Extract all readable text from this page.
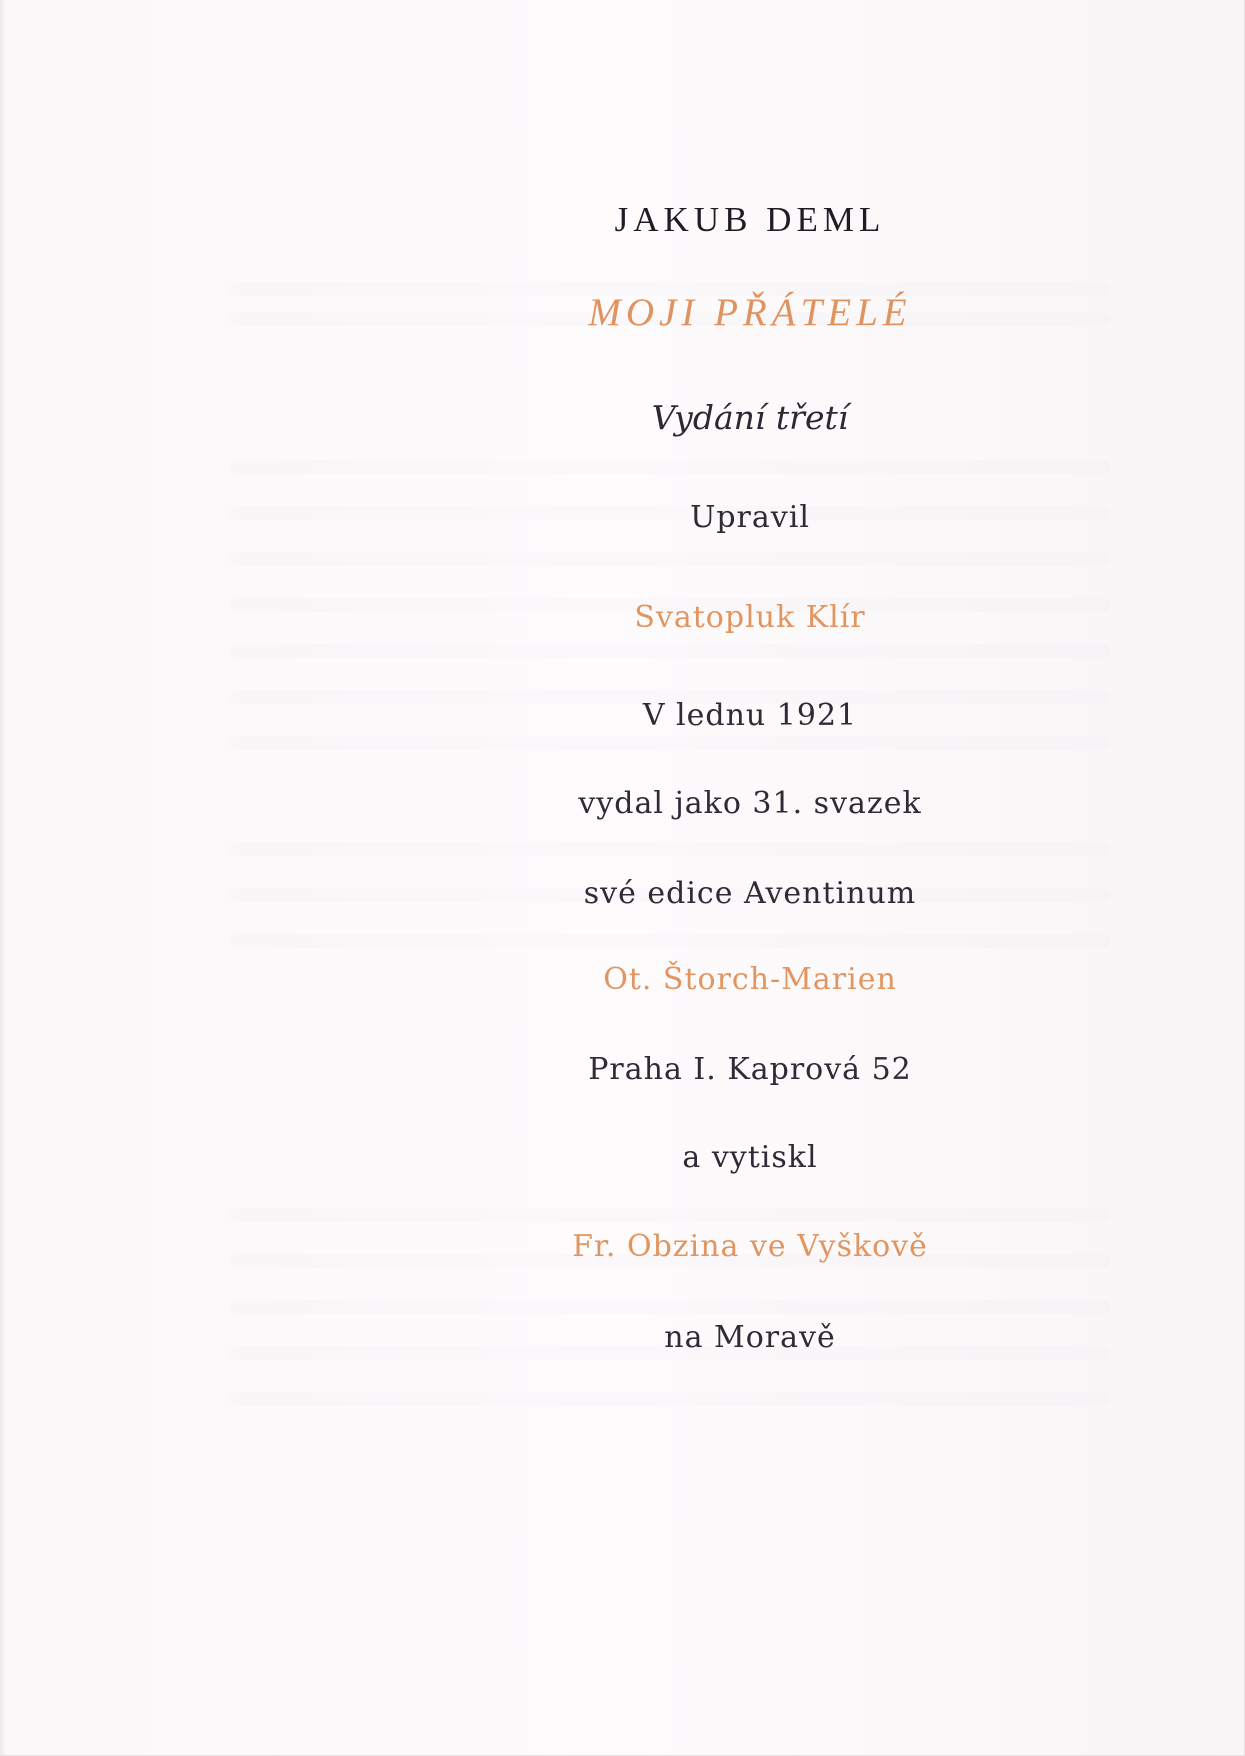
JAKUB DEML
MOJI PŘÁTELÉ
Vydání třetí
Upravil
Svatopluk Klír
V lednu 1921
vydal jako 31. svazek
své edice Aventinum
Ot. Štorch-Marien
Praha I. Kaprová 52
a vytiskl
Fr. Obzina ve Vyškově
na Moravě
